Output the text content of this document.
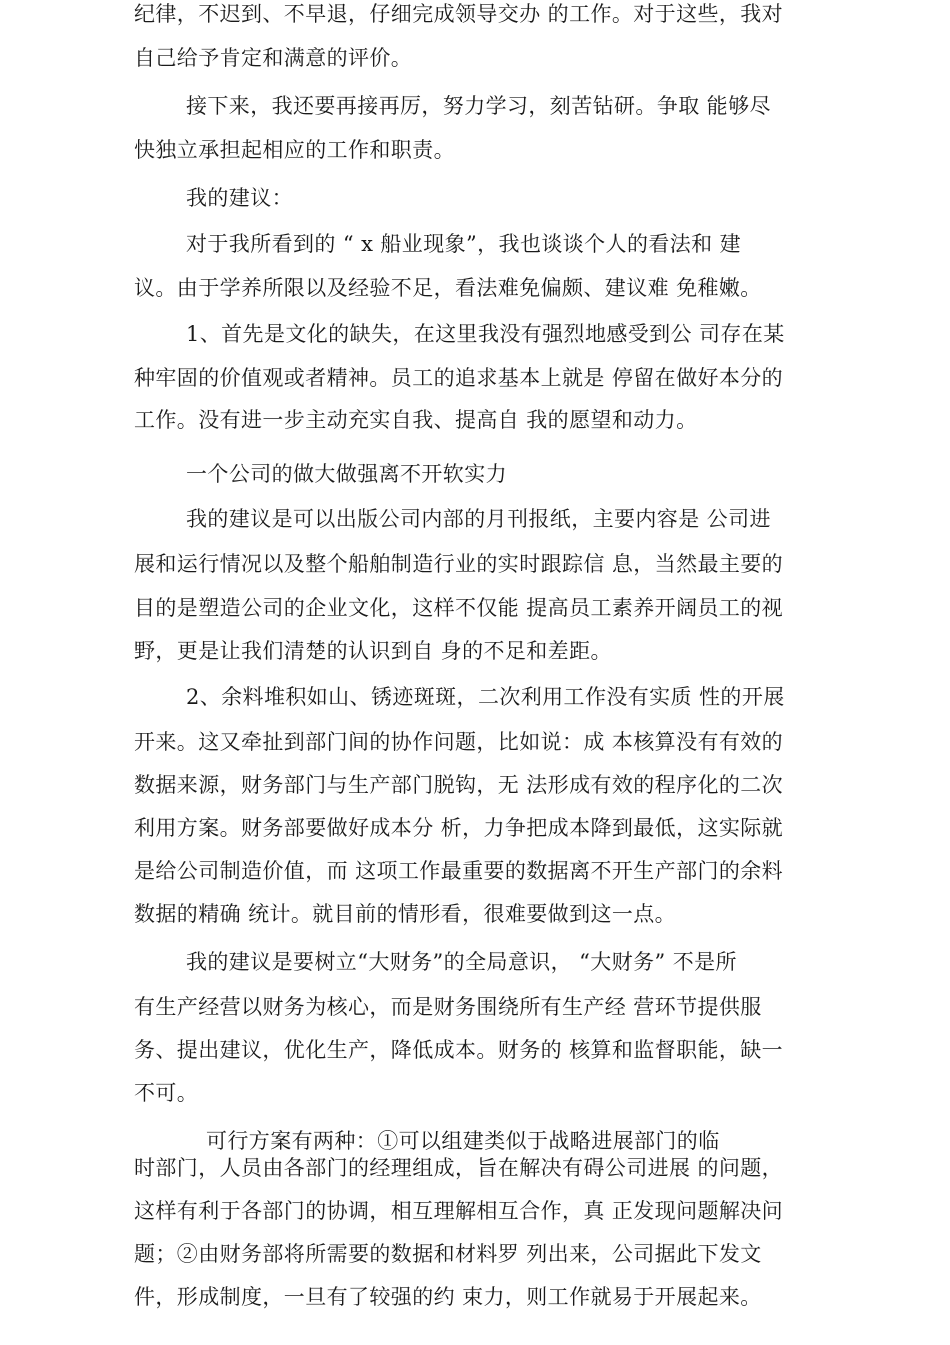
纪律，不迟到、不早退，仔细完成领导交办 的工作。对于这些，我对
自己给予肯定和满意的评价。
接下来，我还要再接再厉，努力学习，刻苦钻研。争取 能够尽
快独立承担起相应的工作和职责。
我的建议：
对于我所看到的 “ x 船业现象”，我也谈谈个人的看法和 建
议。由于学养所限以及经验不足，看法难免偏颇、建议难 免稚嫩。
1、首先是文化的缺失，在这里我没有强烈地感受到公 司存在某
种牢固的价值观或者精神。员工的追求基本上就是 停留在做好本分的
工作。没有进一步主动充实自我、提高自 我的愿望和动力。
一个公司的做大做强离不开软实力
我的建议是可以出版公司内部的月刊报纸，主要内容是 公司进
展和运行情况以及整个船舶制造行业的实时跟踪信 息，当然最主要的
目的是塑造公司的企业文化，这样不仅能 提高员工素养开阔员工的视
野，更是让我们清楚的认识到自 身的不足和差距。
2、余料堆积如山、锈迹斑斑，二次利用工作没有实质 性的开展
开来。这又牵扯到部门间的协作问题，比如说：成 本核算没有有效的
数据来源，财务部门与生产部门脱钩，无 法形成有效的程序化的二次
利用方案。财务部要做好成本分 析，力争把成本降到最低，这实际就
是给公司制造价值，而 这项工作最重要的数据离不开生产部门的余料
数据的精确 统计。就目前的情形看，很难要做到这一点。
我的建议是要树立“大财务”的全局意识， “大财务” 不是所
有生产经营以财务为核心，而是财务围绕所有生产经 营环节提供服
务、提出建议，优化生产，降低成本。财务的 核算和监督职能，缺一
不可。
可行方案有两种：①可以组建类似于战略进展部门的临
时部门，人员由各部门的经理组成，旨在解决有碍公司进展 的问题，
这样有利于各部门的协调，相互理解相互合作，真 正发现问题解决问
题；②由财务部将所需要的数据和材料罗 列出来，公司据此下发文
件，形成制度，一旦有了较强的约 束力，则工作就易于开展起来。
